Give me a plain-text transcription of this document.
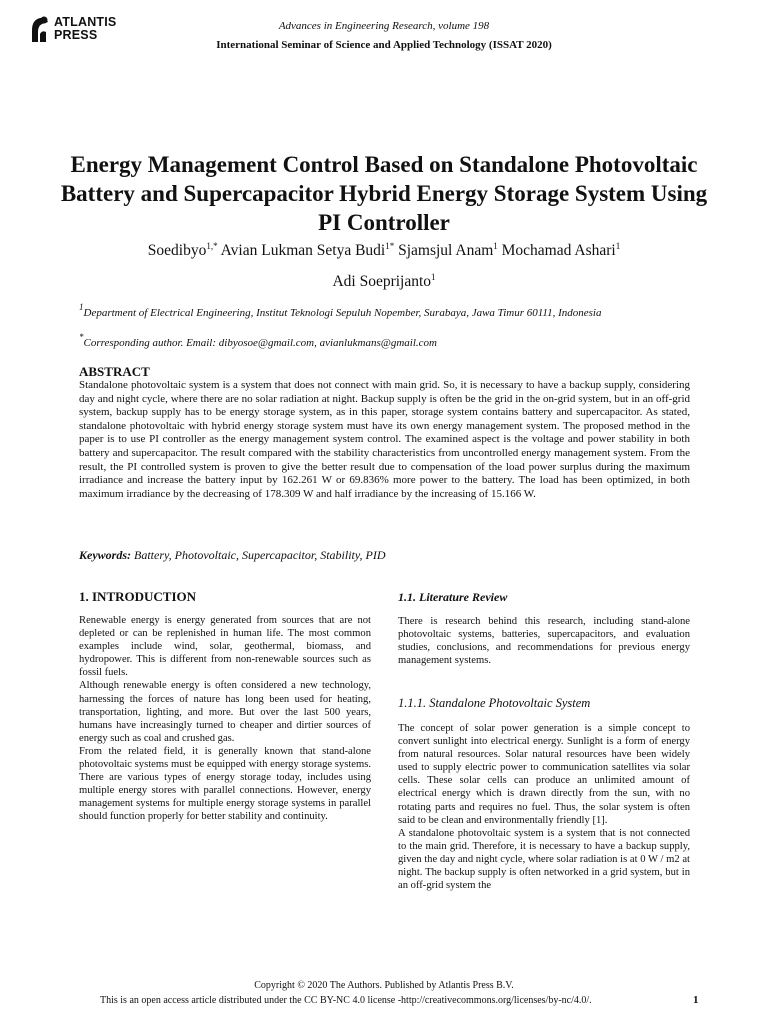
ATLANTIS
PRESS
Advances in Engineering Research, volume 198
International Seminar of Science and Applied Technology (ISSAT 2020)
Energy Management Control Based on Standalone Photovoltaic Battery and Supercapacitor Hybrid Energy Storage System Using PI Controller
Soedibyo$^{1,*}$ Avian Lukman Setya Budi$^{1*}$ Sjamsjul Anam$^1$ Mochamad Ashari$^1$
Adi Soeprijanto$^1$
$^1$Department of Electrical Engineering, Institut Teknologi Sepuluh Nopember, Surabaya, Jawa Timur 60111, Indonesia
*Corresponding author. Email: dibyosoe@gmail.com, avianlukmans@gmail.com
ABSTRACT
Standalone photovoltaic system is a system that does not connect with main grid. So, it is necessary to have a backup supply, considering day and night cycle, where there are no solar radiation at night. Backup supply is often be the grid in the on-grid system, but in an off-grid system, backup supply has to be energy storage system, as in this paper, storage system contains battery and supercapacitor. As stated, standalone photovoltaic with hybrid energy storage system must have its own energy management system. The proposed method in the paper is to use PI controller as the energy management system control. The examined aspect is the voltage and power stability in both battery and supercapacitor. The result compared with the stability characteristics from uncontrolled energy management system. From the result, the PI controlled system is proven to give the better result due to compensation of the load power surplus during the maximum irradiance and increase the battery input by 162.261 W or 69.836% more power to the battery. The load has been optimized, in both maximum irradiance by the decreasing of 178.309 W and half irradiance by the increasing of 15.166 W.
Keywords: Battery, Photovoltaic, Supercapacitor, Stability, PID
1. INTRODUCTION

Renewable energy is energy generated from sources that are not depleted or can be replenished in human life. The most common examples include wind, solar, geothermal, biomass, and hydropower. This is different from non-renewable sources such as fossil fuels.

Although renewable energy is often considered a new technology, harnessing the forces of nature has long been used for heating, transportation, lighting, and more. But over the last 500 years, humans have increasingly turned to cheaper and dirtier sources of energy such as coal and crushed gas.

From the related field, it is generally known that stand-alone photovoltaic systems must be equipped with energy storage systems. There are various types of energy storage today, includes using multiple energy stores with parallel connections. However, energy management systems for multiple energy storage systems in parallel should function properly for better stability and continuity.

1.1. Literature Review

There is research behind this research, including stand-alone photovoltaic systems, batteries, supercapacitors, and evaluation studies, conclusions, and recommendations for previous energy management systems.

1.1.1. Standalone Photovoltaic System

The concept of solar power generation is a simple concept to convert sunlight into electrical energy. Sunlight is a form of energy from natural resources. Solar natural resources have been widely used to supply electric power to communication satellites via solar cells. These solar cells can produce an unlimited amount of electrical energy which is drawn directly from the sun, with no rotating parts and requires no fuel. Thus, the solar system is often said to be clean and environmentally friendly [1].

A standalone photovoltaic system is a system that is not connected to the main grid. Therefore, it is necessary to have a backup supply, given the day and night cycle, where solar radiation is at 0 W / m2 at night. The backup supply is often networked in a grid system, but in an off-grid system the

Copyright © 2020 The Authors. Published by Atlantis Press B.V.
This is an open access article distributed under the CC BY-NC 4.0 license -http://creativecommons.org/licenses/by-nc/4.0/.	1
